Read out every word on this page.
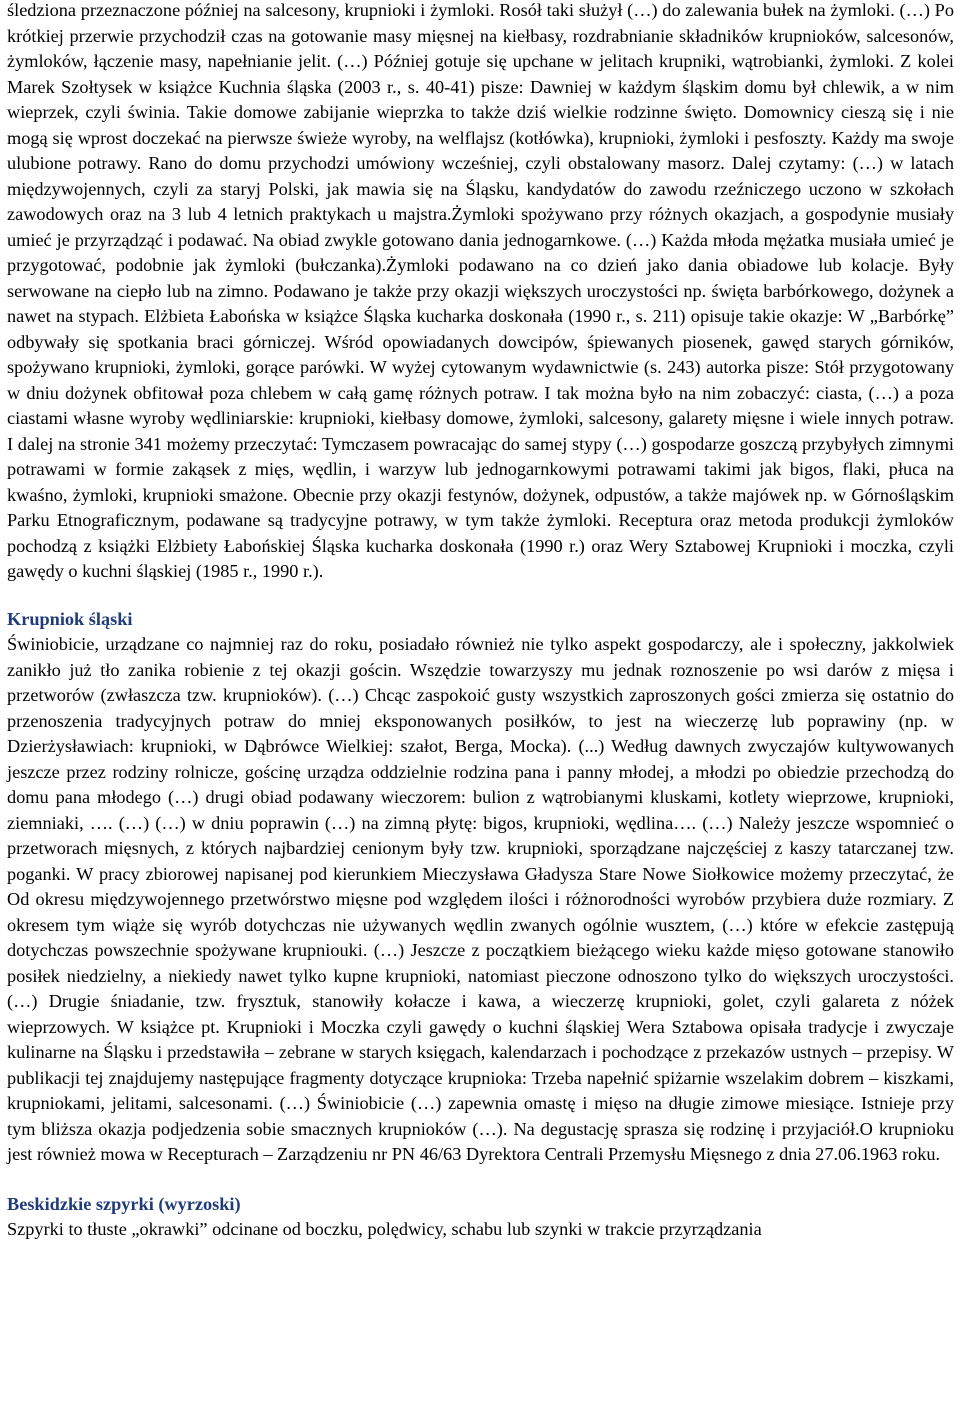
śledziona przeznaczone później na salcesony, krupnioki i żymloki. Rosół taki służył (…) do zalewania bułek na żymloki. (…) Po krótkiej przerwie przychodził czas na gotowanie masy mięsnej na kiełbasy, rozdrabnianie składników krupnioków, salcesonów, żymloków, łączenie masy, napełnianie jelit. (…) Później gotuje się upchane w jelitach krupniki, wątrobianki, żymloki. Z kolei Marek Szołtysek w książce Kuchnia śląska (2003 r., s. 40-41) pisze: Dawniej w każdym śląskim domu był chlewik, a w nim wieprzek, czyli świnia. Takie domowe zabijanie wieprzka to także dziś wielkie rodzinne święto. Domownicy cieszą się i nie mogą się wprost doczekać na pierwsze świeże wyroby, na welflajsz (kotłówka), krupnioki, żymloki i pesfoszty. Każdy ma swoje ulubione potrawy. Rano do domu przychodzi umówiony wcześniej, czyli obstalowany masorz. Dalej czytamy: (…) w latach międzywojennych, czyli za staryj Polski, jak mawia się na Śląsku, kandydatów do zawodu rzeźniczego uczono w szkołach zawodowych oraz na 3 lub 4 letnich praktykach u majstra.Żymloki spożywano przy różnych okazjach, a gospodynie musiały umieć je przyrządząć i podawać. Na obiad zwykle gotowano dania jednogarnkowe. (…) Każda młoda mężatka musiała umieć je przygotować, podobnie jak żymloki (bułczanka).Żymloki podawano na co dzień jako dania obiadowe lub kolacje. Były serwowane na ciepło lub na zimno. Podawano je także przy okazji większych uroczystości np. święta barbórkowego, dożynek a nawet na stypach. Elżbieta Łabońska w książce Śląska kucharka doskonała (1990 r., s. 211) opisuje takie okazje: W „Barbórkę” odbywały się spotkania braci górniczej. Wśród opowiadanych dowcipów, śpiewanych piosenek, gawęd starych górników, spożywano krupnioki, żymloki, gorące parówki. W wyżej cytowanym wydawnictwie (s. 243) autorka pisze: Stół przygotowany w dniu dożynek obfitował poza chlebem w całą gamę różnych potraw. I tak można było na nim zobaczyć: ciasta, (…) a poza ciastami własne wyroby wędliniarskie: krupnioki, kiełbasy domowe, żymloki, salcesony, galarety mięsne i wiele innych potraw. I dalej na stronie 341 możemy przeczytać: Tymczasem powracając do samej stypy (…) gospodarze goszczą przybyłych zimnymi potrawami w formie zakąsek z mięs, wędlin, i warzyw lub jednogarnkowymi potrawami takimi jak bigos, flaki, płuca na kwaśno, żymloki, krupnioki smażone. Obecnie przy okazji festynów, dożynek, odpustów, a także majówek np. w Górnośląskim Parku Etnograficznym, podawane są tradycyjne potrawy, w tym także żymloki. Receptura oraz metoda produkcji żymloków pochodzą z książki Elżbiety Łabońskiej Śląska kucharka doskonała (1990 r.) oraz Wery Sztabowej Krupnioki i moczka, czyli gawędy o kuchni śląskiej (1985 r., 1990 r.).

Krupniok śląski

Świniobicie, urządzane co najmniej raz do roku, posiadało również nie tylko aspekt gospodarczy, ale i społeczny, jakkolwiek zanikło już tło zanika robienie z tej okazji gościn. Wszędzie towarzyszy mu jednak roznoszenie po wsi darów z mięsa i przetworów (zwłaszcza tzw. krupnioków). (…) Chcąc zaspokoić gusty wszystkich zaproszonych gości zmierza się ostatnio do przenoszenia tradycyjnych potraw do mniej eksponowanych posiłków, to jest na wieczerzę lub poprawiny (np. w Dzierżysławiach: krupnioki, w Dąbrówce Wielkiej: szałot, Berga, Mocka). (...) Według dawnych zwyczajów kultywowanych jeszcze przez rodziny rolnicze, gościnę urządza oddzielnie rodzina pana i panny młodej, a młodzi po obiedzie przechodzą do domu pana młodego (…) drugi obiad podawany wieczorem: bulion z wątrobianymi kluskami, kotlety wieprzowe, krupnioki, ziemniaki, …. (…) (…) w dniu poprawin (…) na zimną płytę: bigos, krupnioki, wędlina…. (…) Należy jeszcze wspomnieć o przetworach mięsnych, z których najbardziej cenionym były tzw. krupnioki, sporządzane najczęściej z kaszy tatarczanej tzw. poganki. W pracy zbiorowej napisanej pod kierunkiem Mieczysława Gładysza Stare Nowe Siołkowice możemy przeczytać, że Od okresu międzywojennego przetwórstwo mięsne pod względem ilości i różnorodności wyrobów przybiera duże rozmiary. Z okresem tym wiąże się wyrób dotychczas nie używanych wędlin zwanych ogólnie wusztem, (…) które w efekcie zastępują dotychczas powszechnie spożywane krupniouki. (…) Jeszcze z początkiem bieżącego wieku każde mięso gotowane stanowiło posiłek niedzielny, a niekiedy nawet tylko kupne krupnioki, natomiast pieczone odnoszono tylko do większych uroczystości. (…) Drugie śniadanie, tzw. frysztuk, stanowiły kołacze i kawa, a wieczerzę krupnioki, golet, czyli galareta z nóżek wieprzowych. W książce pt. Krupnioki i Moczka czyli gawędy o kuchni śląskiej Wera Sztabowa opisała tradycje i zwyczaje kulinarne na Śląsku i przedstawiła – zebrane w starych księgach, kalendarzach i pochodzące z przekazów ustnych – przepisy. W publikacji tej znajdujemy następujące fragmenty dotyczące krupnioka: Trzeba napełnić spiżarnie wszelakim dobrem – kiszkami, krupniokami, jelitami, salcesonami. (…) Świniobicie (…) zapewnia omastę i mięso na długie zimowe miesiące. Istnieje przy tym bliższa okazja podjedzenia sobie smacznych krupnioków (…). Na degustację sprasza się rodzinę i przyjaciół.O krupnioku jest również mowa w Recepturach – Zarządzeniu nr PN 46/63 Dyrektora Centrali Przemysłu Mięsnego z dnia 27.06.1963 roku.

Beskidzkie szpyrki (wyrzoski)

Szpyrki to tłuste „okrawki” odcinane od boczku, polędwicy, schabu lub szynki w trakcie przyrządzania
